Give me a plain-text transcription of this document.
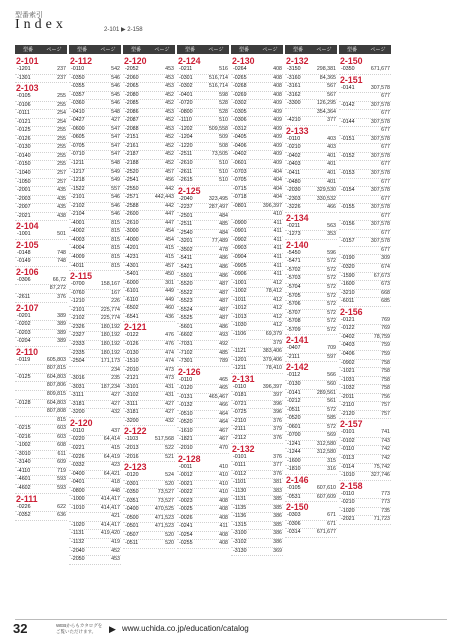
型番索引
Index	2-101 ▶ 2-158
型番	ページ
2-101
-1201	237
-1301	237
2-103
-0105	255
-0106	255
-0111	254
-0121	254
-0125	255
-0126	255
-0130	255
-0140	255
-0150	255
-1040	257
-1050	257
-2001	435
-2003	435
-2007	435
-2021	438
2-104
-1001	501
2-105
-0148	748
-0149	748
2-106
-0306	66,72
87,272
-2611	376
2-107
-0201	389
-0202	389
-0203	389
-0204	389
2-110
-0119	605,803
807,815
-0125	604,803
807,806
809,815
-0128	604,803
807,808
815
-0215	603
-0216	603
-1002	608
-3010	611
-3140	609
-4110	719
-4601	593
-4602	593
2-111
-0226	622
-0352	636
型番	ページ
2-112
-0110	542
-0350	546
-0355	546
-0357	545
-0360	546
-0410	548
-0427	427
-0600	547
-0605	547
-0705	547
-0710	547
-1211	548
-1217	549
-1218	549
-1522	557
-2101	546
-2102	546
-2104	546
-4001	815
-4002	815
-4003	815
-4004	815
-4009	815
-4011	815
2-115
-0700	158,167
-0760	167
-1210	226
-2101	225,774
-2102	225,774
-2326	180,192
-2327	180,192
-2333	180,192
-2335	180,192
-2504	171,173
234
-3016	235
-3031	187,234
-3111	427
-3181	427
-3200	432
2-120
-0110	437
-0220	64,414
-0221	415
-0226	64,419
-0332	423
-0400	64,421
-0401	418
-0800	448
-1000	414,417
-1010	414,417
421
-1020	414,417
-1131	419,420
-1132	419
-2040	452
-2050	453
型番	ページ
2-120
-2052	453
-2060	453
-2065	453
-2080	452
-2085	452
-2086	453
-2087	452
-2088	453
-2151	452
-2161	452
-2187	452
-2188	452
-2520	457
-2541	456
-2550	442
-2571	442,443
-2588	442
-2600	447
-2610	447
-3000	454
-4000	454
-4201	415
-4231	415
-4301	457
-5401	450
-6000	301
-6101	449
-6110	449
-6502	460
-6541	436
2-121
-0122	476
-0126	476
-0130	474
-1510	474
-2010	473
-2121	473
-3101	431
-3102	431
-3111	427
-3181	427
-3200	432
2-122
-1103	517,568
-2013	522
-2016	521
2-123
-0120	524
-0301	520
-0350	73,527
-0351	73,527
-0400	470,525
-0500	471,523
-0501	471,523
-0507	520
-0511	520
型番	ページ
2-124
-0211	516
-0301	516,714
-0302	516,714
-0401	598
-0720	528
-0800	528
-1110	510
-1202	509,558
-1204	509
-1220	508
-2511	73,505
-2610	510
-2611	510
-2615	510
2-125
-2040	323,495
-2237	287,497
-2501	484
-2511	485
-2540	484
-3201	77,489
-3502	478
-5411	486
-5421	486
-5501	486
-5520	487
-5522	487
-5523	487
-5524	487
-5525	487
-5601	486
-6602	493
-7031	492
-7102	485
-7301	789
2-126
-0110	465
-0120	465
-0131	465,467
-0132	466
-0510	464
-0520	464
-1610	467
-1821	467
-2010	470
2-128
-0011	410
-0012	410
-0021	410
-0022	410
-0023	408
-0025	408
-0026	408
-0241	411
-0254	408
-0255	408
型番	ページ
2-130
-0264	408
-0265	408
-0268	408
-0269	408
-0302	409
-0305	409
-0306	409
-0312	409
-0405	409
-0406	409
-0402	409
-0601	409
-0703	404
-0705	404
-0715	404
-0718	404
-0801	396,397
410
-0900	411
-0901	411
-0902	411
-0903	411
-0904	411
-0905	411
-0906	411
-1001	412
-1002	78,412
-1011	412
-1012	412
-1013	412
-1030	412
-1106	69,379
379
-1121	383,406
-1201	379,406
-1211	78,410
2-131
-0110	396,397
-0181	397
-0721	396
-0725	396
-2110	376
-2111	379
-2112	376
2-132
-0101	376
-0111	377
-0112	376
-1101	381
-1130	383
-1131	385
-1135	385
-1136	386
-1315	385
-3100	386
-3102	386
-3130	369
型番	ページ
2-132
-3150	298,381
-3160	84,365
-3161	567
-3162	567
-3300	126,295
354,364
-4210	377
2-133
-0110	403
-0210	403
-0402	401
-0403	401
-0411	401
-0480	401
-2030	329,530
-2303	330,532
-3226	466
2-134
-0211	563
-1273	353
2-140
-5450	596
-5471	572
-5702	572
-5703	572
-5704	572
-5705	572
-5706	572
-5707	572
-5708	572
-5709	572
2-141
-0407	709
-2111	597
2-142
-0112	566
-0130	560
-0141	289,561
-0212	561
-0511	572
-0520	585
-0601	572
-0700	569
-1241	312,580
-1244	312,580
-1600	315
-1810	316
2-146
-0105	607,610
-0531	607,609
2-150
-0303	671
-0306	671
-0314	671,677
型番	ページ
2-150
-0350	671,677
2-151
-0141	307,578
677
-0142	307,578
677
-0144	307,578
677
-0151	307,578
677
-0152	307,578
677
-0153	307,578
677
-0154	307,578
677
-0155	307,578
677
-0156	307,578
677
-0157	307,578
677
-0190	309
-0320	674
-1590	67,673
-1600	673
-3210	668
-6011	685
2-156
-0121	769
-0122	769
-0402	78,759
-0403	759
-0406	759
-0902	758
-1021	758
-1031	758
-1032	758
-2011	756
-2110	757
-2120	757
2-157
-0101	741
-0102	743
-0110	742
-0113	742
-0114	75,742
-1010	327,746
2-158
-0110	773
-0210	773
-1020	735
-2021	71,723
32	WEBからもカタログをご覧いただけます。	▶ www.uchida.co.jp/education/catalog
